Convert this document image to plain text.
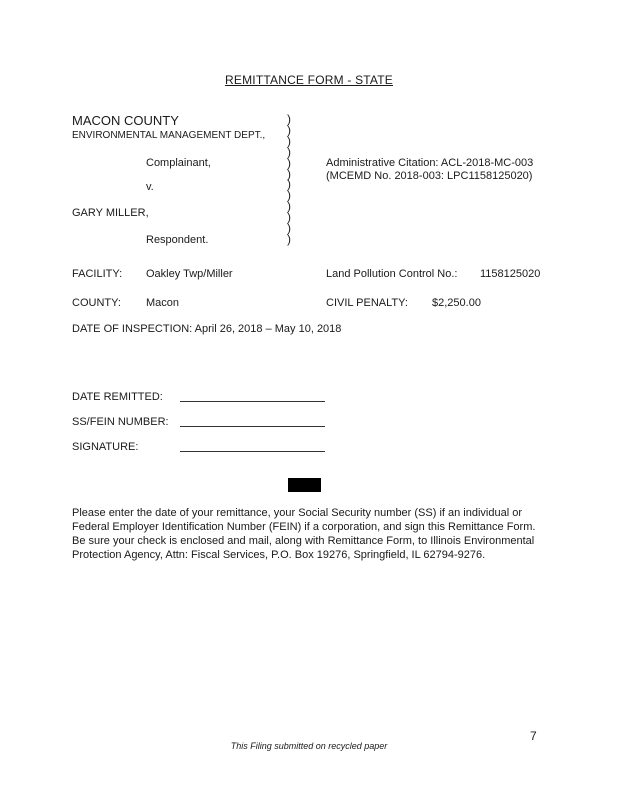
REMITTANCE FORM - STATE
MACON COUNTY
ENVIRONMENTAL MANAGEMENT DEPT.,
Complainant,
v.
GARY MILLER,
Respondent.
)
)
)
)
)
)
)
)
)
)
)
)
Administrative Citation: ACL-2018-MC-003
(MCEMD No. 2018-003: LPC1158125020)
FACILITY: Oakley Twp/Miller	Land Pollution Control No.: 1158125020
COUNTY: Macon	CIVIL PENALTY: $2,250.00
DATE OF INSPECTION: April 26, 2018 – May 10, 2018
DATE REMITTED:
SS/FEIN NUMBER:
SIGNATURE:
Please enter the date of your remittance, your Social Security number (SS) if an individual or
Federal Employer Identification Number (FEIN) if a corporation, and sign this Remittance Form.
Be sure your check is enclosed and mail, along with Remittance Form, to Illinois Environmental
Protection Agency, Attn: Fiscal Services, P.O. Box 19276, Springfield, IL 62794-9276.
7
This Filing submitted on recycled paper
